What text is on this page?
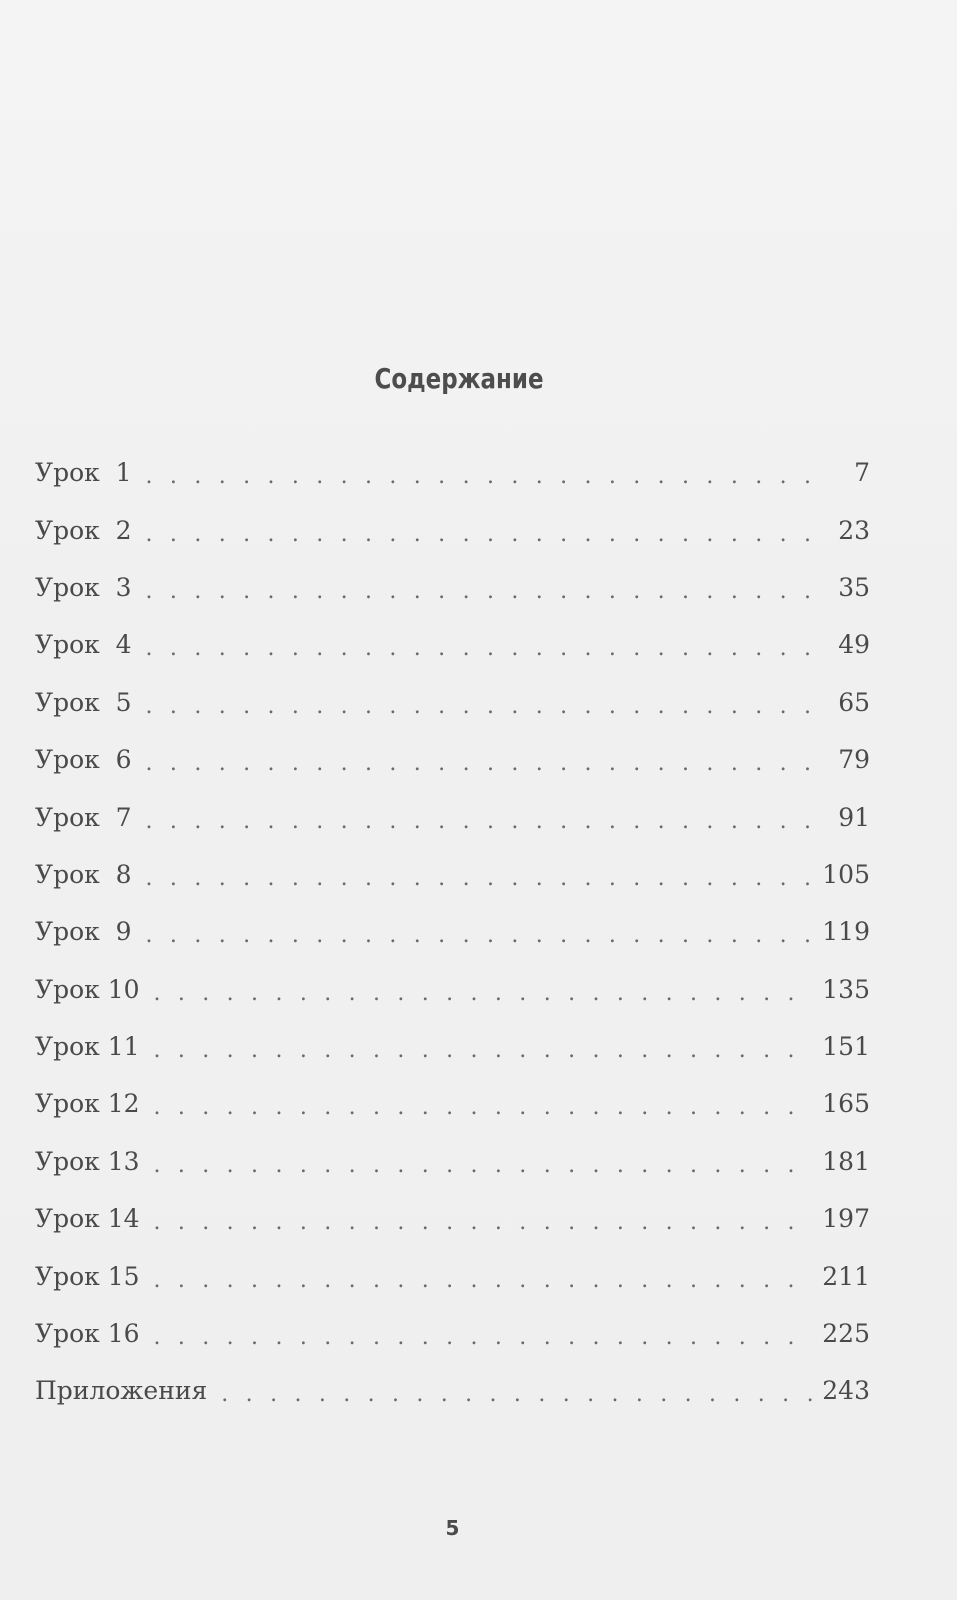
Содержание
Урок  1 . . .	7
Урок  2 . . .	23
Урок  3 . . .	35
Урок  4 . . .	49
Урок  5 . . .	65
Урок  6 . . .	79
Урок  7 . . .	91
Урок  8 . . .	105
Урок  9 . . .	119
Урок 10 . . .	135
Урок 11 . . .	151
Урок 12 . . .	165
Урок 13 . . .	181
Урок 14 . . .	197
Урок 15 . . .	211
Урок 16 . . .	225
Приложения . . .	243
5
